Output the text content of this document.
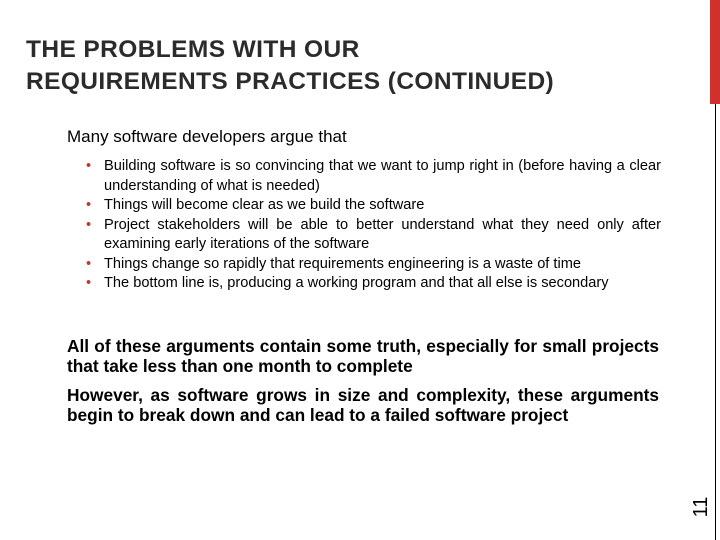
THE PROBLEMS WITH OUR
REQUIREMENTS PRACTICES (CONTINUED)
11
Many software developers argue that
• Building software is so convincing that we want to jump right in (before having a clear understanding of what is needed)
• Things will become clear as we build the software
• Project stakeholders will be able to better understand what they need only after examining early iterations of the software
• Things change so rapidly that requirements engineering is a waste of time
• The bottom line is, producing a working program and that all else is secondary

All of these arguments contain some truth, especially for small projects that take less than one month to complete

However, as software grows in size and complexity, these arguments begin to break down and can lead to a failed software project
